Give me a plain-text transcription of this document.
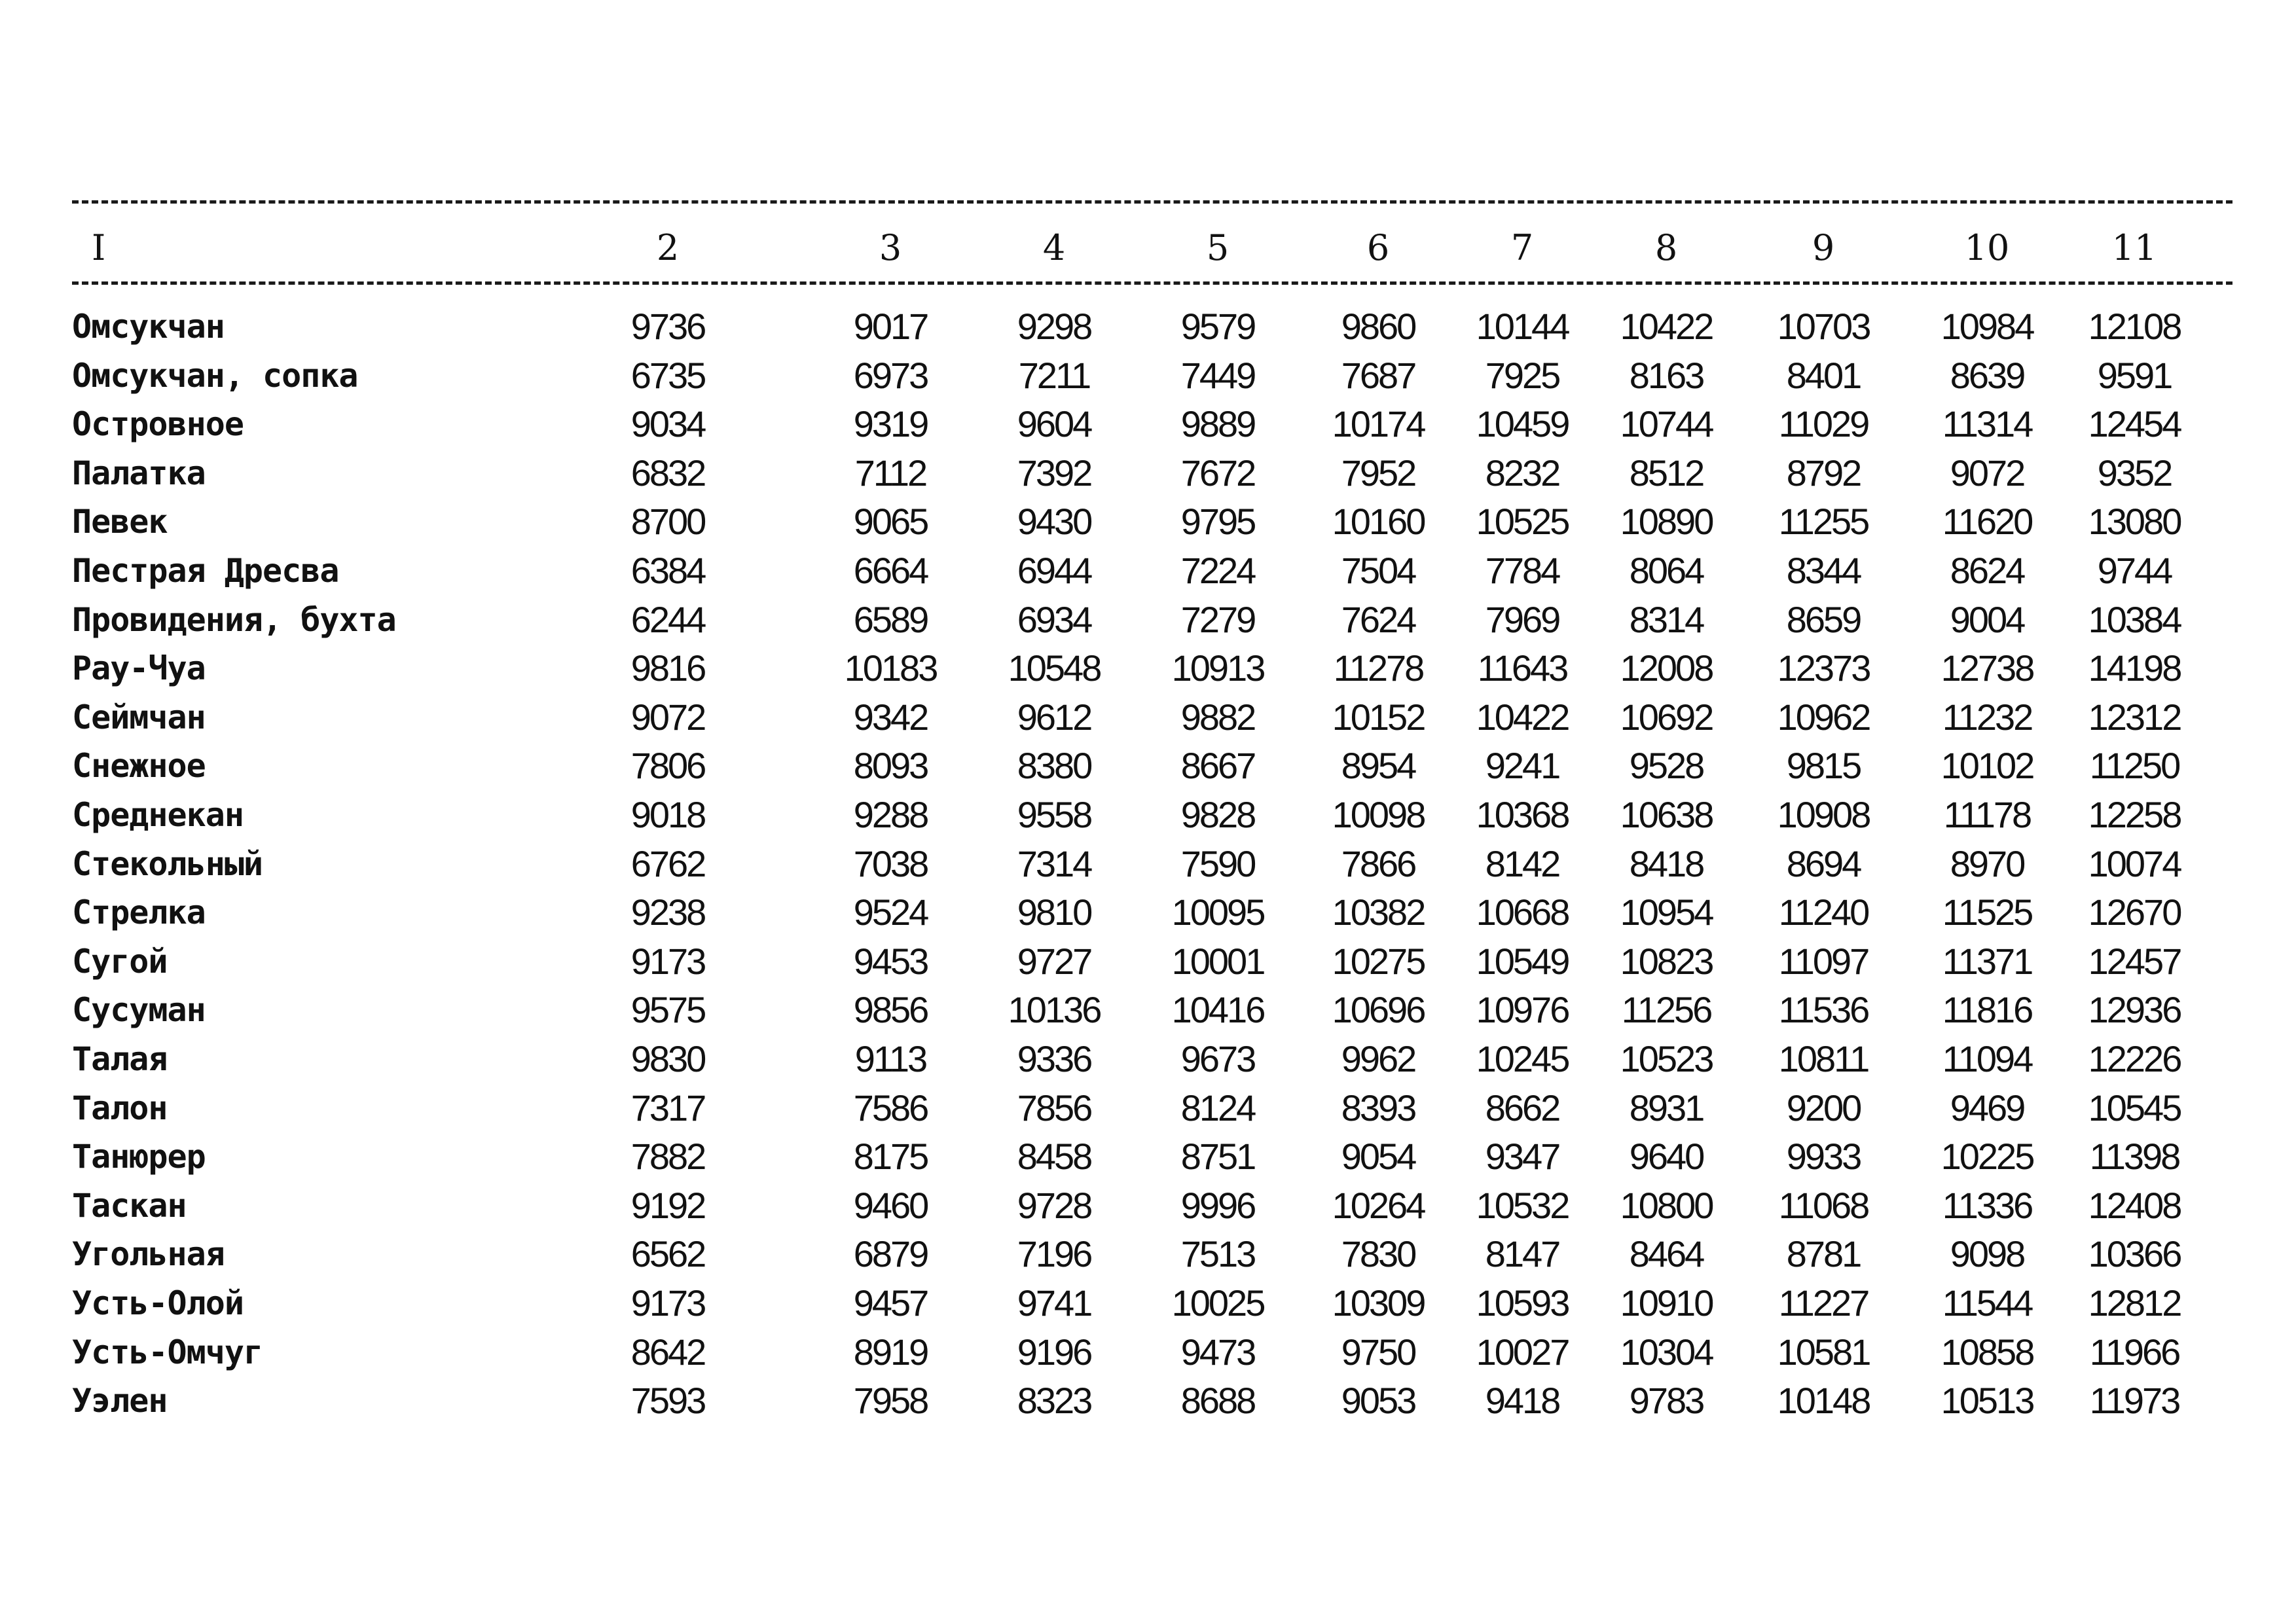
I	2	3	4	5	6	7	8	9	10	11
Омсукчан	9736	9017	9298	9579	9860	10144	10422	10703	10984	12108
Омсукчан, сопка	6735	6973	7211	7449	7687	7925	8163	8401	8639	9591
Островное	9034	9319	9604	9889	10174	10459	10744	11029	11314	12454
Палатка	6832	7112	7392	7672	7952	8232	8512	8792	9072	9352
Певек	8700	9065	9430	9795	10160	10525	10890	11255	11620	13080
Пестрая Дресва	6384	6664	6944	7224	7504	7784	8064	8344	8624	9744
Провидения, бухта	6244	6589	6934	7279	7624	7969	8314	8659	9004	10384
Рау-Чуа	9816	10183	10548	10913	11278	11643	12008	12373	12738	14198
Сеймчан	9072	9342	9612	9882	10152	10422	10692	10962	11232	12312
Снежное	7806	8093	8380	8667	8954	9241	9528	9815	10102	11250
Среднекан	9018	9288	9558	9828	10098	10368	10638	10908	11178	12258
Стекольный	6762	7038	7314	7590	7866	8142	8418	8694	8970	10074
Стрелка	9238	9524	9810	10095	10382	10668	10954	11240	11525	12670
Сугой	9173	9453	9727	10001	10275	10549	10823	11097	11371	12457
Сусуман	9575	9856	10136	10416	10696	10976	11256	11536	11816	12936
Талая	9830	9113	9336	9673	9962	10245	10523	10811	11094	12226
Талон	7317	7586	7856	8124	8393	8662	8931	9200	9469	10545
Танюрер	7882	8175	8458	8751	9054	9347	9640	9933	10225	11398
Таскан	9192	9460	9728	9996	10264	10532	10800	11068	11336	12408
Угольная	6562	6879	7196	7513	7830	8147	8464	8781	9098	10366
Усть-Олой	9173	9457	9741	10025	10309	10593	10910	11227	11544	12812
Усть-Омчуг	8642	8919	9196	9473	9750	10027	10304	10581	10858	11966
Уэлен	7593	7958	8323	8688	9053	9418	9783	10148	10513	11973
